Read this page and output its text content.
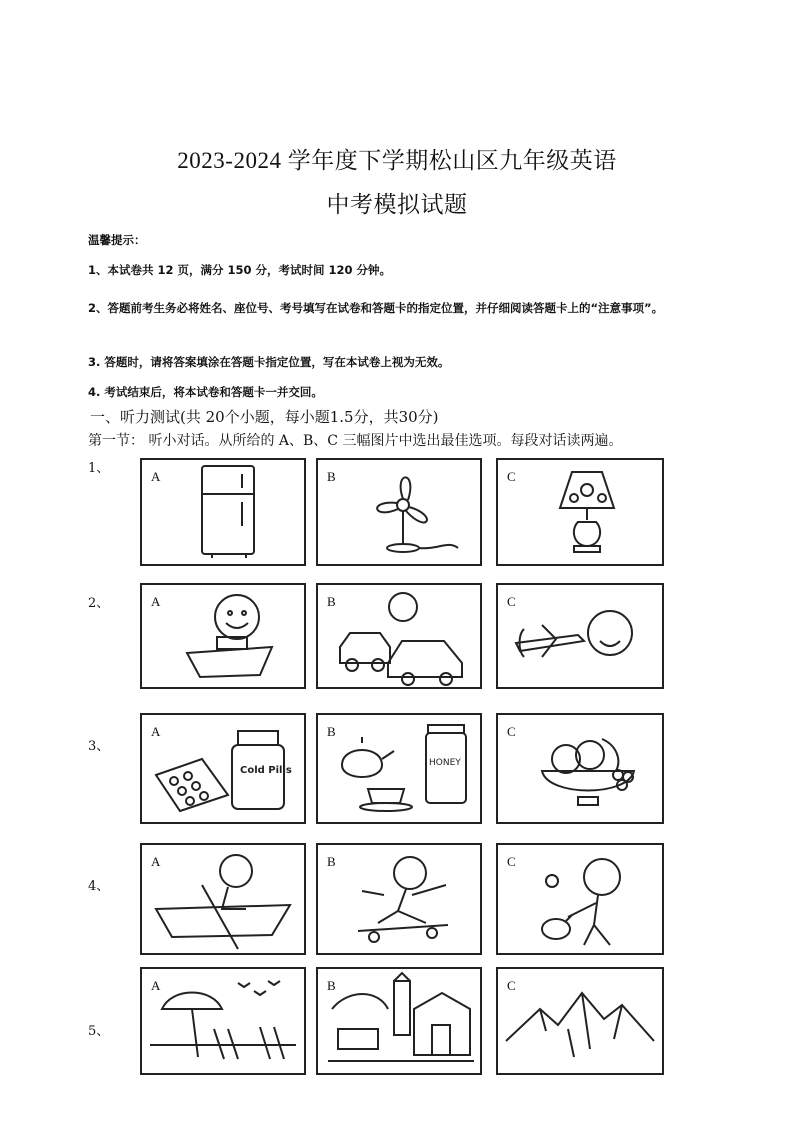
2023-2024 学年度下学期松山区九年级英语
中考模拟试题
温馨提示：
1、本试卷共 12 页，满分 150 分，考试时间 120 分钟。
2、答题前考生务必将姓名、座位号、考号填写在试卷和答题卡的指定位置，并仔细阅读答题卡上的“注意事项”。
3. 答题时，请将答案填涂在答题卡指定位置，写在本试卷上视为无效。
4. 考试结束后，将本试卷和答题卡一并交回。
一、听力测试(共 20个小题，每小题1.5分，共30分)
第一节： 听小对话。从所给的 A、B、C 三幅图片中选出最佳选项。每段对话读两遍。
1、
A	B	C
2、	A	B	C
3、
A
Cold Pills
B
HONEY
C
4、
A	B	C
5、
A	B	C
